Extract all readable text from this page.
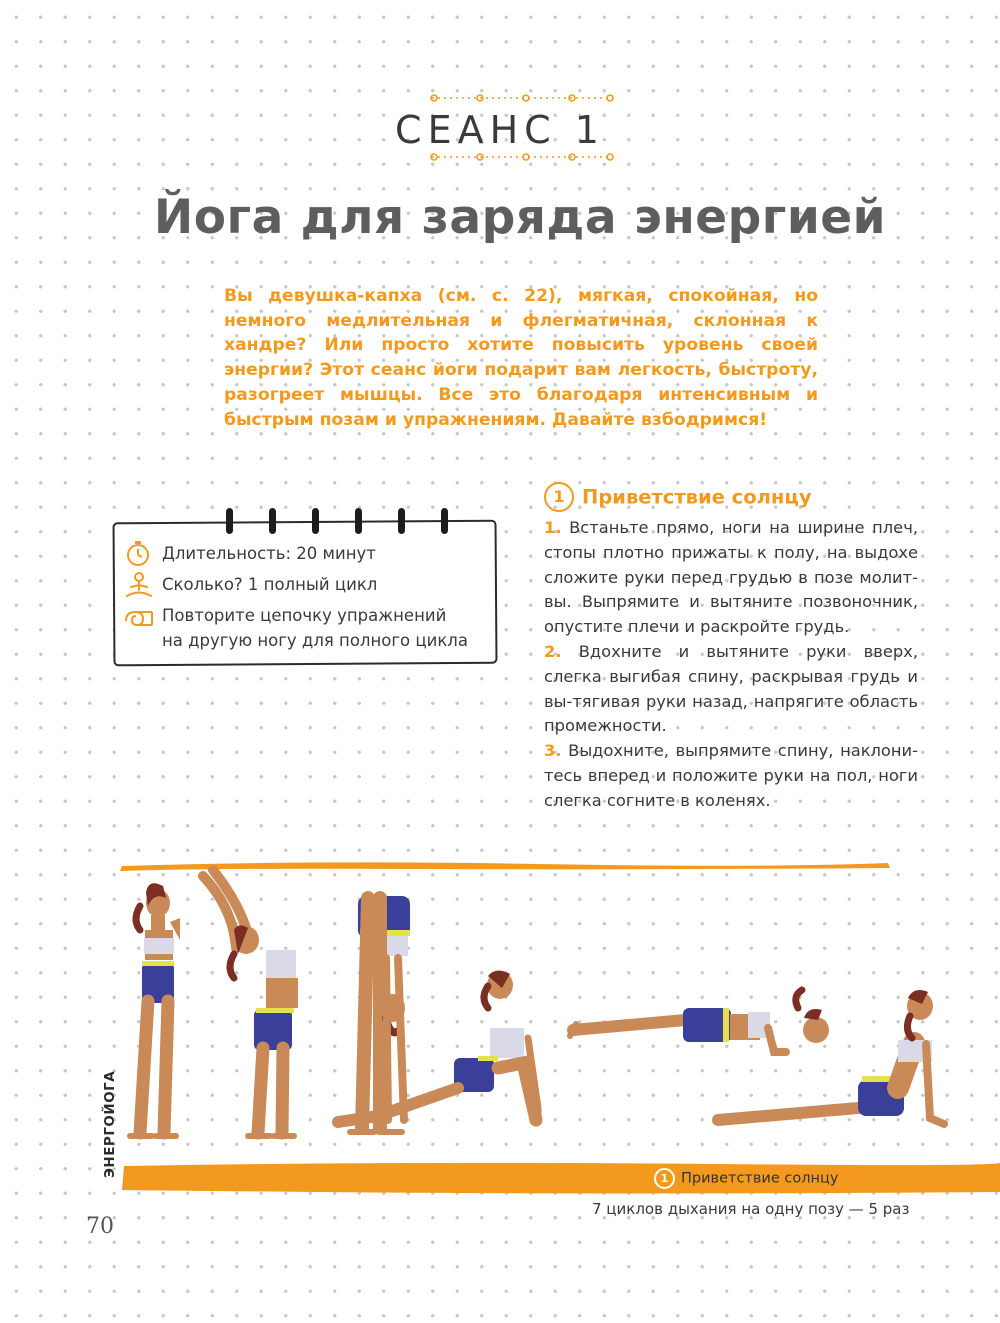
СЕАНС 1
Йога для заряда энергией

Вы девушка-капха (см. с. 22), мягкая, спокойная, но немного медлительная и флегматичная, склонная к хандре? Или просто хотите повысить уровень своей энергии? Этот сеанс йоги подарит вам легкость, быстроту, разогреет мышцы. Все это благодаря интенсивным и быстрым позам и упражнениям. Давайте взбодримся!

Длительность: 20 минут
Сколько? 1 полный цикл
Повторите цепочку упражнений
на другую ногу для полного цикла
1 Приветствие солнцу
1. Встаньте прямо, ноги на ширине плеч, стопы плотно прижаты к полу, на выдохе сложите руки перед грудью в позе молит-вы. Выпрямите и вытяните позвоночник, опустите плечи и раскройте грудь.
2. Вдохните и вытяните руки вверх, слегка выгибая спину, раскрывая грудь и вы-тягивая руки назад, напрягите область промежности.
3. Выдохните, выпрямите спину, наклони-тесь вперед и положите руки на пол, ноги слегка согните в коленях.
1 Приветствие солнцу
7 циклов дыхания на одну позу — 5 раз
ЭНЕРГОЙОГА
70
